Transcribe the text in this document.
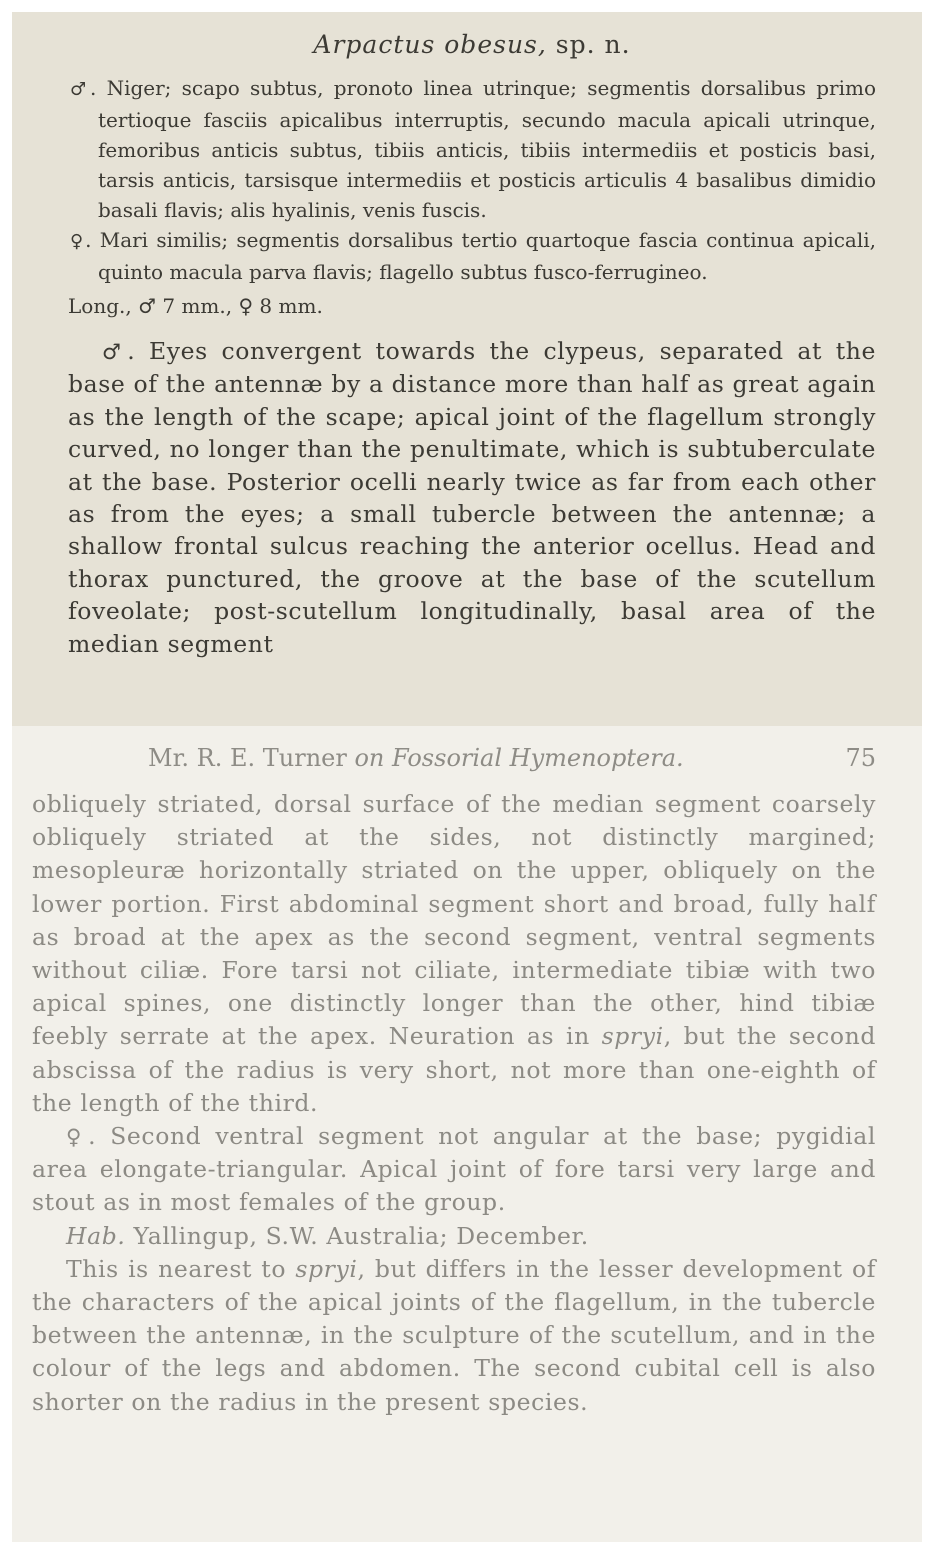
Arpactus obesus, sp. n.

♂. Niger; scapo subtus, pronoto linea utrinque; segmentis dorsalibus primo tertioque fasciis apicalibus interruptis, secundo macula apicali utrinque, femoribus anticis subtus, tibiis anticis, tibiis intermediis et posticis basi, tarsis anticis, tarsisque intermediis et posticis articulis 4 basalibus dimidio basali flavis; alis hyalinis, venis fuscis.

♀. Mari similis; segmentis dorsalibus tertio quartoque fascia continua apicali, quinto macula parva flavis; flagello subtus fusco-ferrugineo.

Long., ♂ 7 mm., ♀ 8 mm.

♂. Eyes convergent towards the clypeus, separated at the base of the antennæ by a distance more than half as great again as the length of the scape; apical joint of the flagellum strongly curved, no longer than the penultimate, which is subtuberculate at the base. Posterior ocelli nearly twice as far from each other as from the eyes; a small tubercle between the antennæ; a shallow frontal sulcus reaching the anterior ocellus. Head and thorax punctured, the groove at the base of the scutellum foveolate; post-scutellum longitudinally, basal area of the median segment

Mr. R. E. Turner on Fossorial Hymenoptera.	75

obliquely striated, dorsal surface of the median segment coarsely obliquely striated at the sides, not distinctly margined; mesopleuræ horizontally striated on the upper, obliquely on the lower portion. First abdominal segment short and broad, fully half as broad at the apex as the second segment, ventral segments without ciliæ. Fore tarsi not ciliate, intermediate tibiæ with two apical spines, one distinctly longer than the other, hind tibiæ feebly serrate at the apex. Neuration as in spryi, but the second abscissa of the radius is very short, not more than one-eighth of the length of the third.

♀. Second ventral segment not angular at the base; pygidial area elongate-triangular. Apical joint of fore tarsi very large and stout as in most females of the group.

Hab. Yallingup, S.W. Australia; December.

This is nearest to spryi, but differs in the lesser development of the characters of the apical joints of the flagellum, in the tubercle between the antennæ, in the sculpture of the scutellum, and in the colour of the legs and abdomen. The second cubital cell is also shorter on the radius in the present species.
